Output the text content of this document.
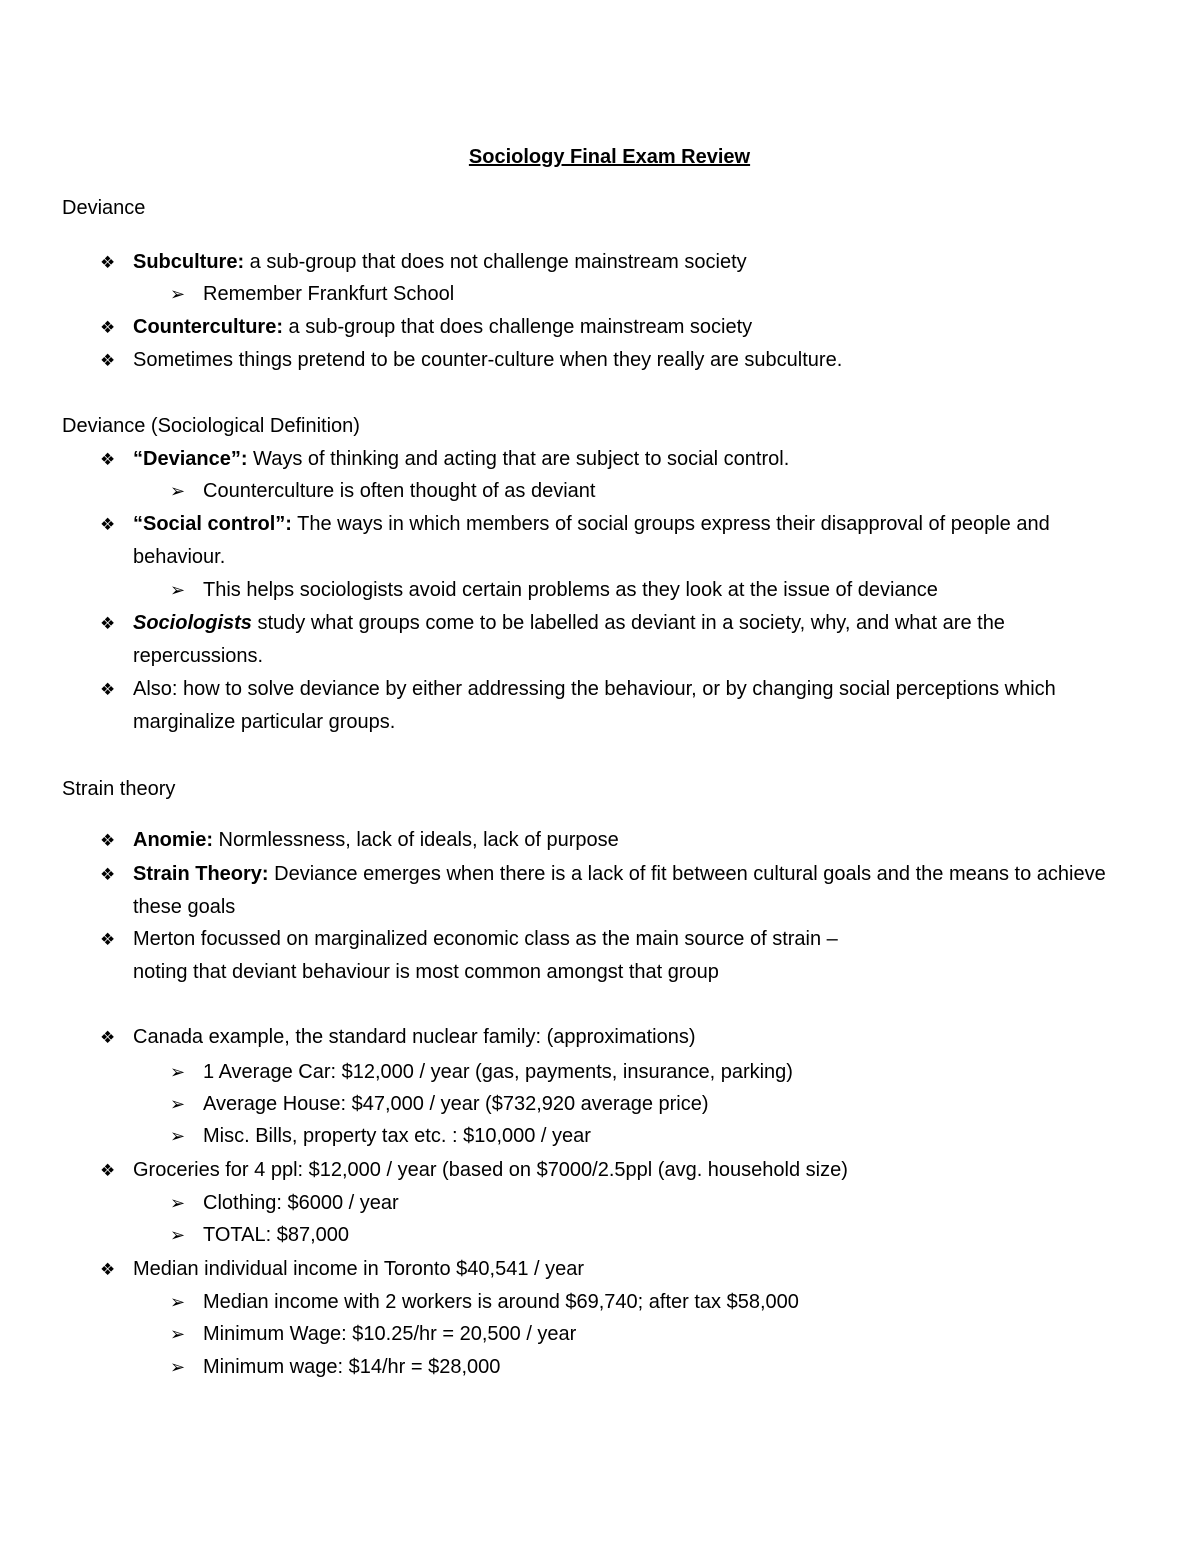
Sociology Final Exam Review
Deviance
❖ Subculture: a sub-group that does not challenge mainstream society
➢ Remember Frankfurt School
❖ Counterculture: a sub-group that does challenge mainstream society
❖ Sometimes things pretend to be counter-culture when they really are subculture.
Deviance (Sociological Definition)
❖ “Deviance”: Ways of thinking and acting that are subject to social control.
➢ Counterculture is often thought of as deviant
❖ “Social control”: The ways in which members of social groups express their disapproval of people and behaviour.
➢ This helps sociologists avoid certain problems as they look at the issue of deviance
❖ Sociologists study what groups come to be labelled as deviant in a society, why, and what are the repercussions.
❖ Also: how to solve deviance by either addressing the behaviour, or by changing social perceptions which marginalize particular groups.
Strain theory
❖ Anomie: Normlessness, lack of ideals, lack of purpose
❖ Strain Theory: Deviance emerges when there is a lack of fit between cultural goals and the means to achieve these goals
❖ Merton focussed on marginalized economic class as the main source of strain –
noting that deviant behaviour is most common amongst that group
❖ Canada example, the standard nuclear family: (approximations)
➢ 1 Average Car: $12,000 / year (gas, payments, insurance, parking)
➢ Average House: $47,000 / year ($732,920 average price)
➢ Misc. Bills, property tax etc. : $10,000 / year
❖ Groceries for 4 ppl: $12,000 / year (based on $7000/2.5ppl (avg. household size)
➢ Clothing: $6000 / year
➢ TOTAL: $87,000
❖ Median individual income in Toronto $40,541 / year
➢ Median income with 2 workers is around $69,740; after tax $58,000
➢ Minimum Wage: $10.25/hr = 20,500 / year
➢ Minimum wage: $14/hr = $28,000
